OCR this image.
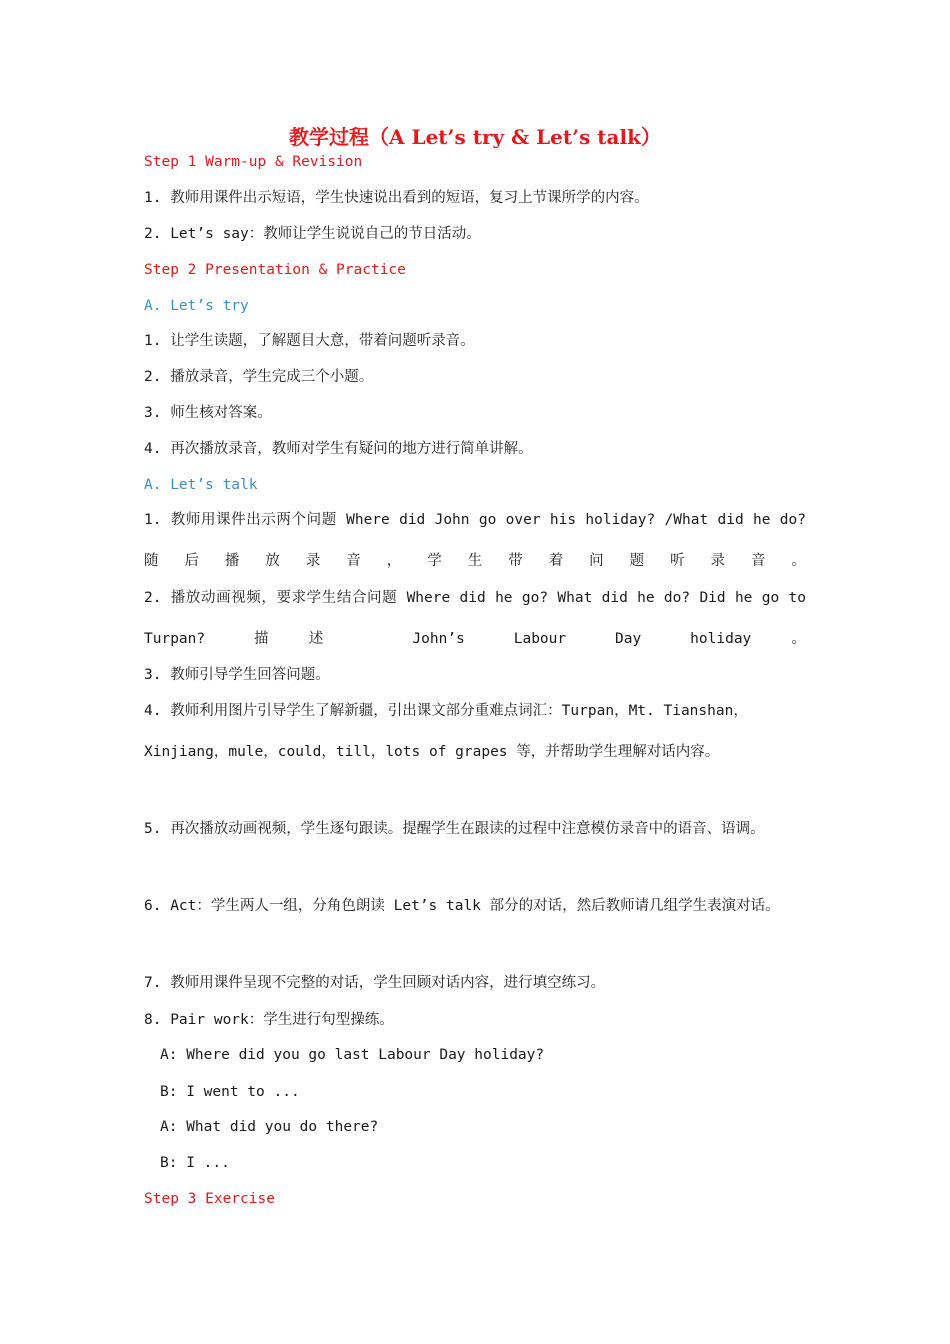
教学过程（A Let’s try & Let’s talk）

Step 1 Warm-up & Revision

1. 教师用课件出示短语，学生快速说出看到的短语，复习上节课所学的内容。

2. Let’s say：教师让学生说说自己的节日活动。

Step 2 Presentation & Practice

A. Let’s try

1. 让学生读题，了解题目大意，带着问题听录音。

2. 播放录音，学生完成三个小题。

3. 师生核对答案。

4. 再次播放录音，教师对学生有疑问的地方进行简单讲解。

A. Let’s talk

1. 教师用课件出示两个问题 Where did John go over his holiday? /What did he do? 随后播放录音，学生带着问题听录音。

2. 播放动画视频，要求学生结合问题 Where did he go? What did he do? Did he go to Turpan? 描述 John’s Labour Day holiday。

3. 教师引导学生回答问题。

4. 教师利用图片引导学生了解新疆，引出课文部分重难点词汇：Turpan，Mt. Tianshan，Xinjiang，mule，could，till，lots of grapes 等，并帮助学生理解对话内容。

5. 再次播放动画视频，学生逐句跟读。提醒学生在跟读的过程中注意模仿录音中的语音、语调。

6. Act：学生两人一组，分角色朗读 Let’s talk 部分的对话，然后教师请几组学生表演对话。

7. 教师用课件呈现不完整的对话，学生回顾对话内容，进行填空练习。

8. Pair work：学生进行句型操练。

A: Where did you go last Labour Day holiday?

B: I went to ...

A: What did you do there?

B: I ...

Step 3 Exercise
